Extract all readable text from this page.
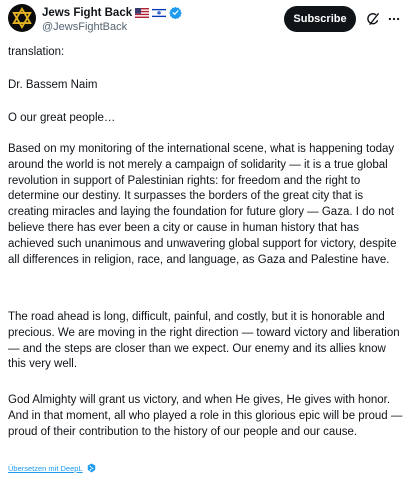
Jews Fight Back
@JewsFightBack
Subscribe

translation:

Dr. Bassem Naim

O our great people…

Based on my monitoring of the international scene, what is happening today around the world is not merely a campaign of solidarity — it is a true global revolution in support of Palestinian rights: for freedom and the right to determine our destiny. It surpasses the borders of the great city that is creating miracles and laying the foundation for future glory — Gaza. I do not believe there has ever been a city or cause in human history that has achieved such unanimous and unwavering global support for victory, despite all differences in religion, race, and language, as Gaza and Palestine have.

The road ahead is long, difficult, painful, and costly, but it is honorable and precious. We are moving in the right direction — toward victory and liberation — and the steps are closer than we expect. Our enemy and its allies know this very well.

God Almighty will grant us victory, and when He gives, He gives with honor. And in that moment, all who played a role in this glorious epic will be proud — proud of their contribution to the history of our people and our cause.

Übersetzen mit DeepL
